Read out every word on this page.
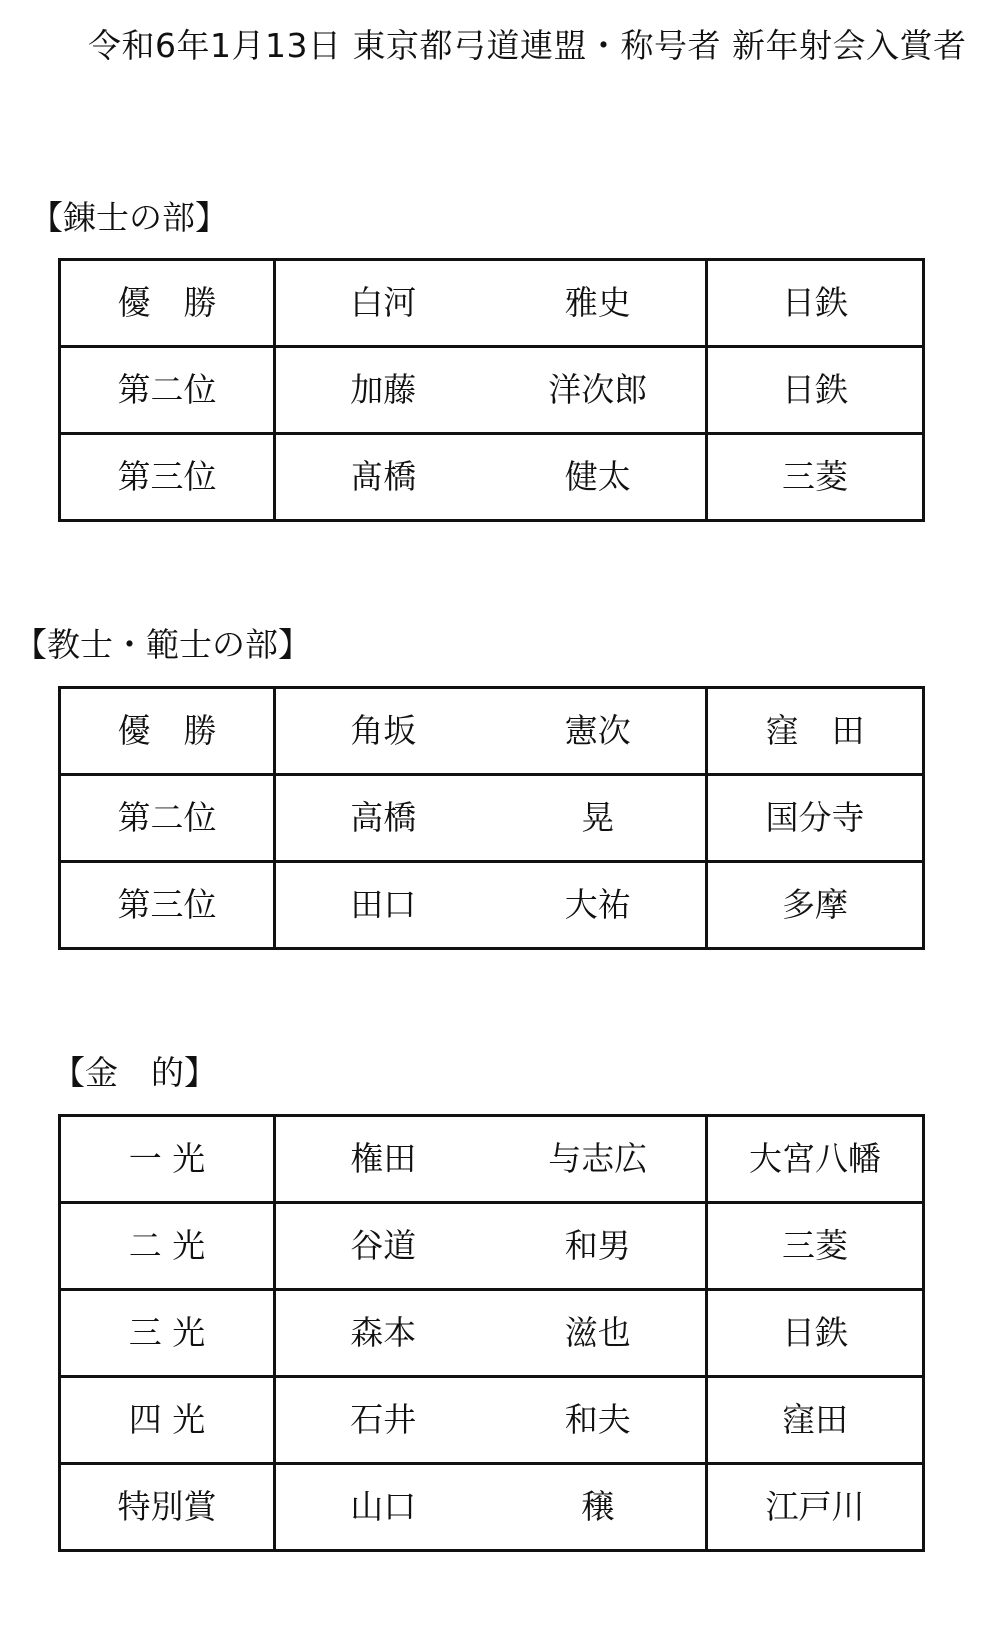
令和6年1月13日 東京都弓道連盟・称号者 新年射会入賞者
【錬士の部】
優　勝	白河 雅史	日鉄
第二位	加藤 洋次郎	日鉄
第三位	髙橋 健太	三菱
【教士・範士の部】
優　勝	角坂 憲次	窪　田
第二位	高橋 晃	国分寺
第三位	田口 大祐	多摩
【金　的】
一 光	権田 与志広	大宮八幡
二 光	谷道 和男	三菱
三 光	森本 滋也	日鉄
四 光	石井 和夫	窪田
特別賞	山口 穣	江戸川
